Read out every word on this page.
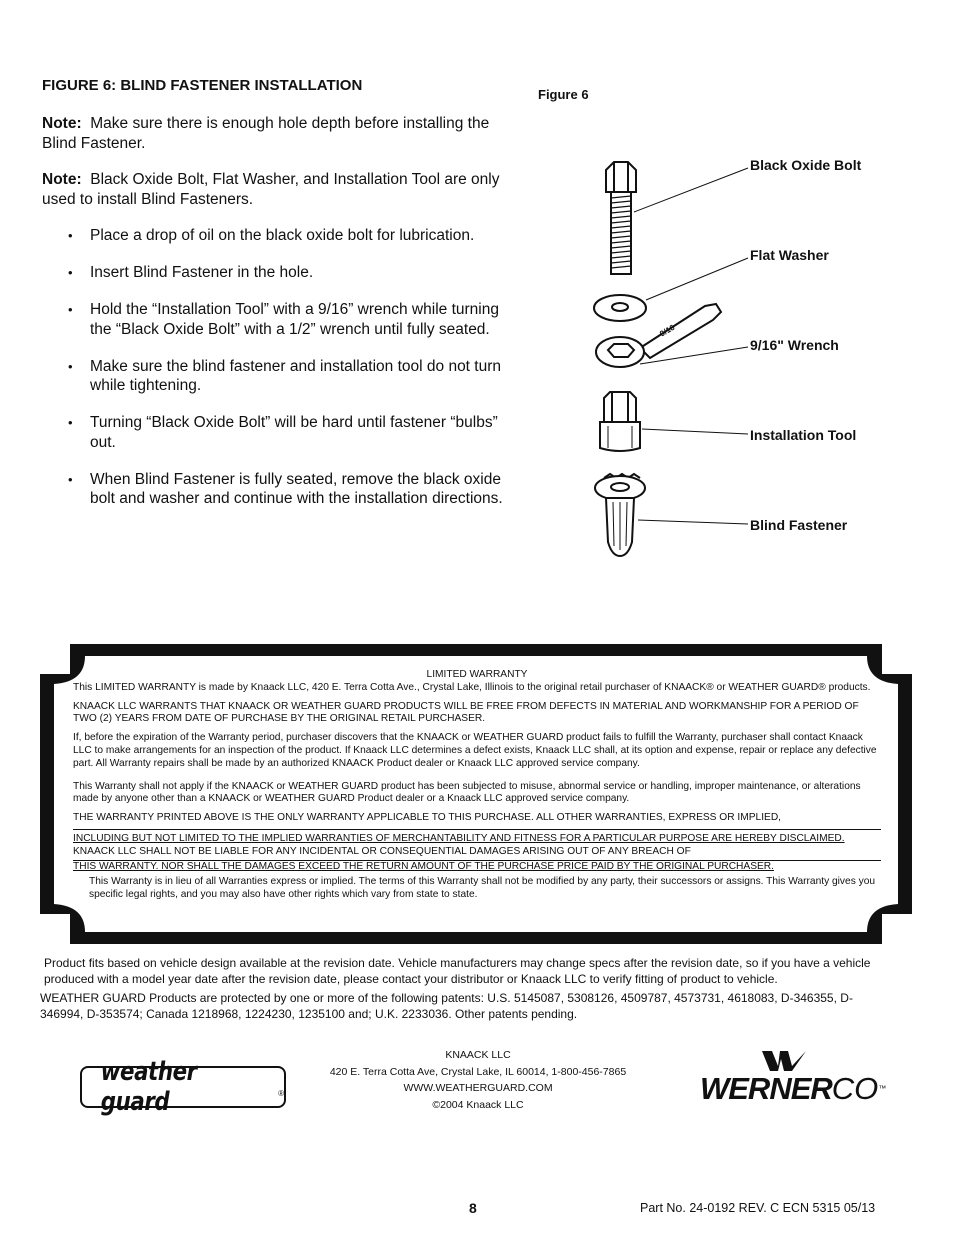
FIGURE 6: BLIND FASTENER INSTALLATION
Figure 6
Note: Make sure there is enough hole depth before installing the Blind Fastener.
Note: Black Oxide Bolt, Flat Washer, and Installation Tool are only used to install Blind Fasteners.
• Place a drop of oil on the black oxide bolt for lubrication.
• Insert Blind Fastener in the hole.
• Hold the “Installation Tool” with a 9/16” wrench while turning the “Black Oxide Bolt” with a 1/2” wrench until fully seated.
• Make sure the blind fastener and installation tool do not turn while tightening.
• Turning “Black Oxide Bolt” will be hard until fastener “bulbs” out.
• When Blind Fastener is fully seated, remove the black oxide bolt and washer and continue with the installation directions.
9/16
Black Oxide Bolt
Flat Washer
9/16" Wrench
Installation Tool
Blind Fastener

LIMITED WARRANTY

This LIMITED WARRANTY is made by Knaack LLC, 420 E. Terra Cotta Ave., Crystal Lake, Illinois to the original retail purchaser of KNAACK® or WEATHER GUARD® products.

KNAACK LLC WARRANTS THAT KNAACK OR WEATHER GUARD PRODUCTS WILL BE FREE FROM DEFECTS IN MATERIAL AND WORKMANSHIP FOR A PERIOD OF TWO (2) YEARS FROM DATE OF PURCHASE BY THE ORIGINAL RETAIL PURCHASER.

If, before the expiration of the Warranty period, purchaser discovers that the KNAACK or WEATHER GUARD product fails to fulfill the Warranty, purchaser shall contact Knaack LLC to make arrangements for an inspection of the product. If Knaack LLC determines a defect exists, Knaack LLC shall, at its option and expense, repair or replace any defective part. All Warranty repairs shall be made by an authorized KNAACK Product dealer or Knaack LLC approved service company.

This Warranty shall not apply if the KNAACK or WEATHER GUARD product has been subjected to misuse, abnormal service or handling, improper maintenance, or alterations made by anyone other than a KNAACK or WEATHER GUARD Product dealer or a Knaack LLC approved service company.

THE WARRANTY PRINTED ABOVE IS THE ONLY WARRANTY APPLICABLE TO THIS PURCHASE. ALL OTHER WARRANTIES, EXPRESS OR IMPLIED,

INCLUDING BUT NOT LIMITED TO THE IMPLIED WARRANTIES OF MERCHANTABILITY AND FITNESS FOR A PARTICULAR PURPOSE ARE HEREBY DISCLAIMED.

KNAACK LLC SHALL NOT BE LIABLE FOR ANY INCIDENTAL OR CONSEQUENTIAL DAMAGES ARISING OUT OF ANY BREACH OF

THIS WARRANTY. NOR SHALL THE DAMAGES EXCEED THE RETURN AMOUNT OF THE PURCHASE PRICE PAID BY THE ORIGINAL PURCHASER.

This Warranty is in lieu of all Warranties express or implied. The terms of this Warranty shall not be modified by any party, their successors or assigns. This Warranty gives you specific legal rights, and you may also have other rights which vary from state to state.

Product fits based on vehicle design available at the revision date. Vehicle manufacturers may change specs after the revision date, so if you have a vehicle produced with a model year date after the revision date, please contact your distributor or Knaack LLC to verify fitting of product to vehicle.
WEATHER GUARD Products are protected by one or more of the following patents: U.S. 5145087, 5308126, 4509787, 4573731, 4618083, D-346355, D-346994, D-353574; Canada 1218968, 1224230, 1235100 and; U.K. 2233036. Other patents pending.
weather guard	®
KNAACK LLC
420 E. Terra Cotta Ave, Crystal Lake, IL 60014, 1-800-456-7865
WWW.WEATHERGUARD.COM
©2004 Knaack LLC	WERNERCO™
8	Part No. 24-0192 REV. C ECN 5315 05/13
